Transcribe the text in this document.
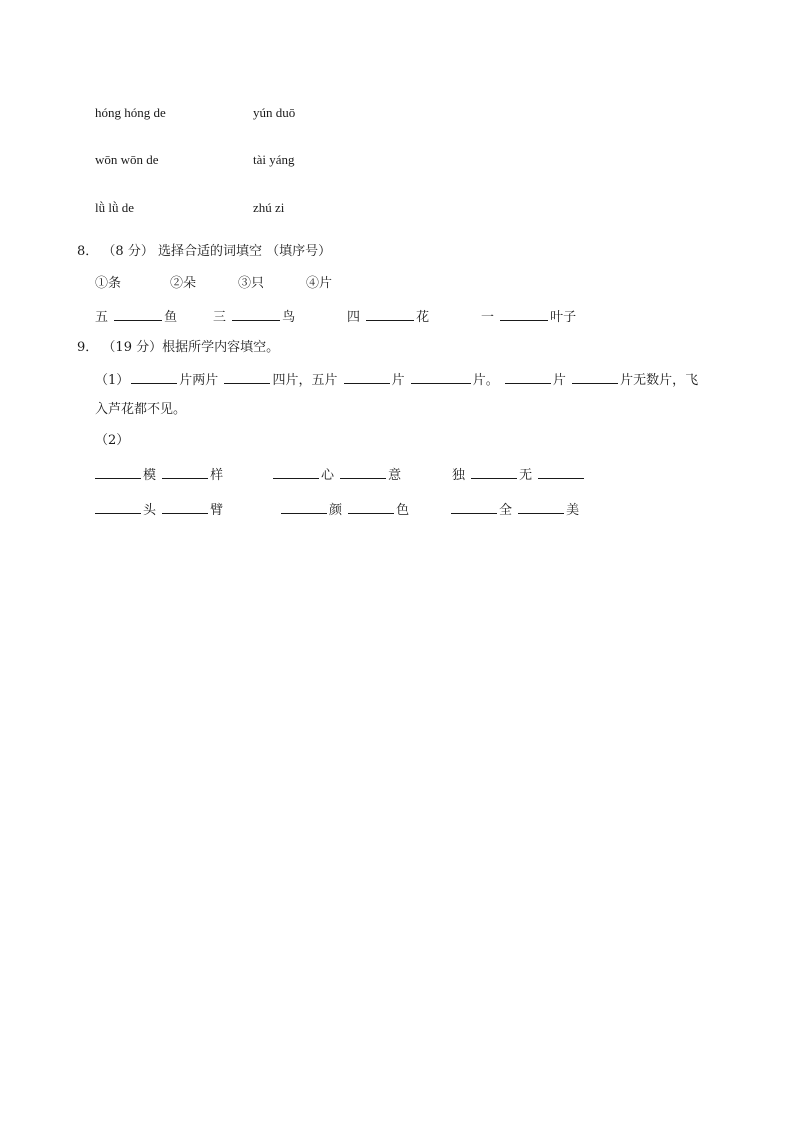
hóng hóng de	yún duō
wōn wōn de	tài yáng
lǜ lǜ de	zhú zi
8． （8 分） 选择合适的词填空 （填序号）
①条	②朵	③只	④片
五	鱼	三	鸟	四	花	一	叶子
9． （19 分）根据所学内容填空。
（1）	片两片	四片，五片	片	片。	片	片无数片，飞
入芦花都不见。
（2）
模	样	心	意	独	无
头	臂	颜	色	全	美
